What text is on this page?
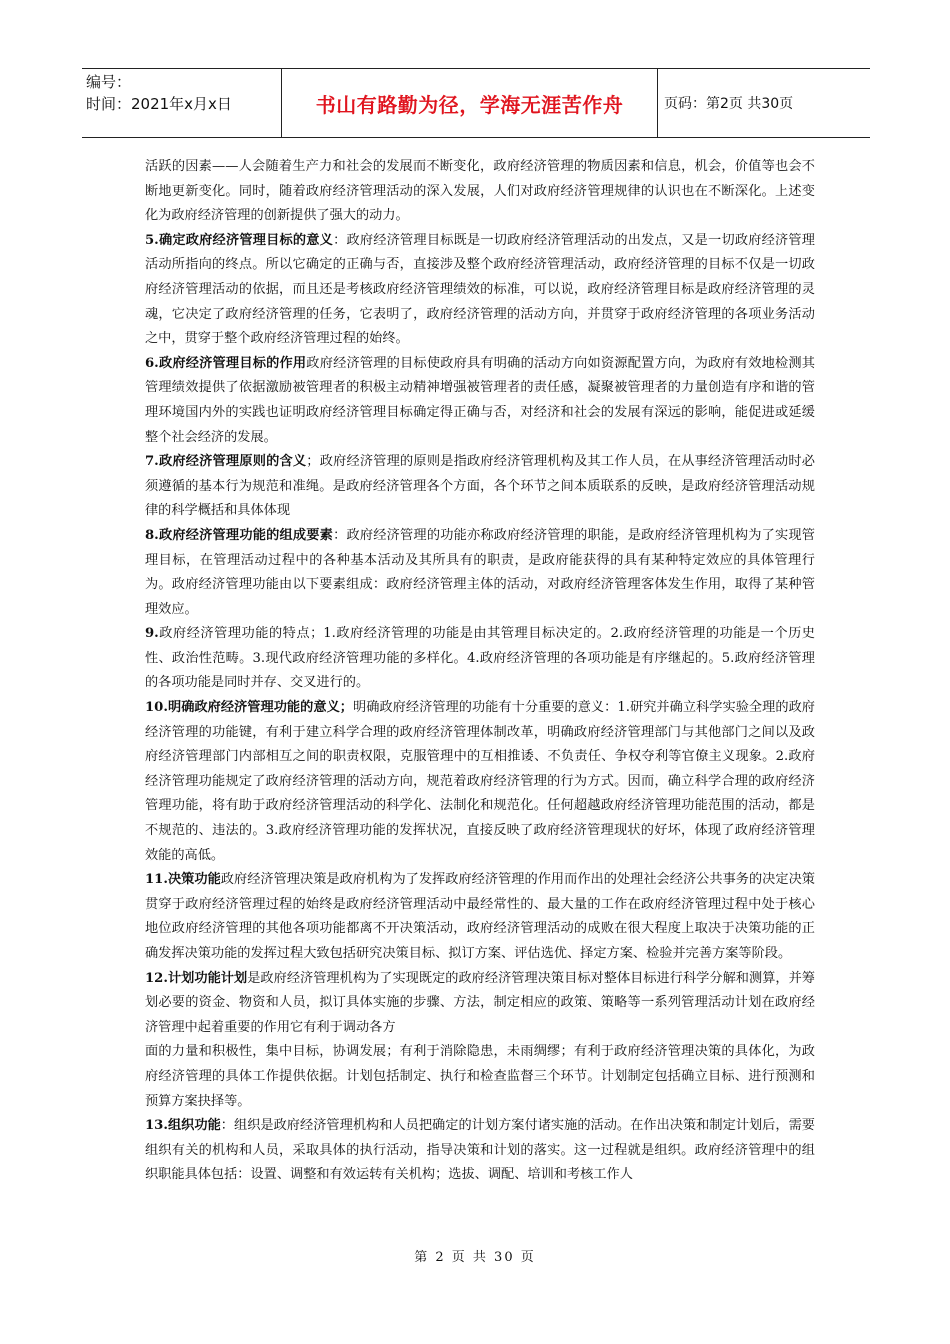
编号：
时间：2021年x月x日	书山有路勤为径，学海无涯苦作舟	页码：第2页 共30页

活跃的因素——人会随着生产力和社会的发展而不断变化，政府经济管理的物质因素和信息，机会，价值等也会不断地更新变化。同时，随着政府经济管理活动的深入发展，人们对政府经济管理规律的认识也在不断深化。上述变化为政府经济管理的创新提供了强大的动力。

5.确定政府经济管理目标的意义：政府经济管理目标既是一切政府经济管理活动的出发点，又是一切政府经济管理活动所指向的终点。所以它确定的正确与否，直接涉及整个政府经济管理活动，政府经济管理的目标不仅是一切政府经济管理活动的依据，而且还是考核政府经济管理绩效的标准，可以说，政府经济管理目标是政府经济管理的灵魂，它决定了政府经济管理的任务，它表明了，政府经济管理的活动方向，并贯穿于政府经济管理的各项业务活动之中，贯穿于整个政府经济管理过程的始终。

6.政府经济管理目标的作用政府经济管理的目标使政府具有明确的活动方向如资源配置方向，为政府有效地检测其管理绩效提供了依据激励被管理者的积极主动精神增强被管理者的责任感，凝聚被管理者的力量创造有序和谐的管理环境国内外的实践也证明政府经济管理目标确定得正确与否，对经济和社会的发展有深远的影响，能促进或延缓整个社会经济的发展。

7.政府经济管理原则的含义；政府经济管理的原则是指政府经济管理机构及其工作人员，在从事经济管理活动时必须遵循的基本行为规范和准绳。是政府经济管理各个方面，各个环节之间本质联系的反映，是政府经济管理活动规律的科学概括和具体体现

8.政府经济管理功能的组成要素：政府经济管理的功能亦称政府经济管理的职能，是政府经济管理机构为了实现管理目标，在管理活动过程中的各种基本活动及其所具有的职责，是政府能获得的具有某种特定效应的具体管理行为。政府经济管理功能由以下要素组成：政府经济管理主体的活动，对政府经济管理客体发生作用，取得了某种管理效应。

9.政府经济管理功能的特点；1.政府经济管理的功能是由其管理目标决定的。2.政府经济管理的功能是一个历史性、政治性范畴。3.现代政府经济管理功能的多样化。4.政府经济管理的各项功能是有序继起的。5.政府经济管理的各项功能是同时并存、交叉进行的。

10.明确政府经济管理功能的意义；明确政府经济管理的功能有十分重要的意义：1.研究并确立科学实验全理的政府经济管理的功能键，有利于建立科学合理的政府经济管理体制改革，明确政府经济管理部门与其他部门之间以及政府经济管理部门内部相互之间的职责权限，克服管理中的互相推诿、不负责任、争权夺利等官僚主义现象。2.政府经济管理功能规定了政府经济管理的活动方向，规范着政府经济管理的行为方式。因而，确立科学合理的政府经济管理功能，将有助于政府经济管理活动的科学化、法制化和规范化。任何超越政府经济管理功能范围的活动，都是不规范的、违法的。3.政府经济管理功能的发挥状况，直接反映了政府经济管理现状的好坏，体现了政府经济管理效能的高低。

11.决策功能政府经济管理决策是政府机构为了发挥政府经济管理的作用而作出的处理社会经济公共事务的决定决策贯穿于政府经济管理过程的始终是政府经济管理活动中最经常性的、最大量的工作在政府经济管理过程中处于核心地位政府经济管理的其他各项功能都离不开决策活动，政府经济管理活动的成败在很大程度上取决于决策功能的正确发挥决策功能的发挥过程大致包括研究决策目标、拟订方案、评估选优、择定方案、检验并完善方案等阶段。

12.计划功能计划是政府经济管理机构为了实现既定的政府经济管理决策目标对整体目标进行科学分解和测算，并筹划必要的资金、物资和人员，拟订具体实施的步骤、方法，制定相应的政策、策略等一系列管理活动计划在政府经济管理中起着重要的作用它有利于调动各方

面的力量和积极性，集中目标，协调发展；有利于消除隐患，未雨绸缪；有利于政府经济管理决策的具体化，为政府经济管理的具体工作提供依据。计划包括制定、执行和检查监督三个环节。计划制定包括确立目标、进行预测和预算方案抉择等。

13.组织功能：组织是政府经济管理机构和人员把确定的计划方案付诸实施的活动。在作出决策和制定计划后，需要组织有关的机构和人员，采取具体的执行活动，指导决策和计划的落实。这一过程就是组织。政府经济管理中的组织职能具体包括：设置、调整和有效运转有关机构；选拔、调配、培训和考核工作人

第 2 页 共 30 页
